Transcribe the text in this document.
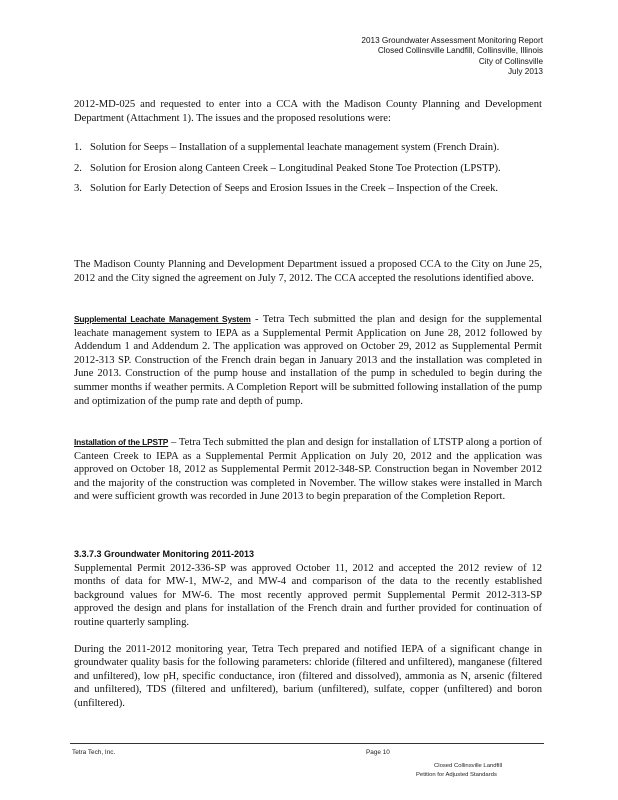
2013 Groundwater Assessment Monitoring Report
Closed Collinsville Landfill, Collinsville, Illinois
City of Collinsville
July 2013

2012-MD-025 and requested to enter into a CCA with the Madison County Planning and Development Department (Attachment 1). The issues and the proposed resolutions were:

1. Solution for Seeps – Installation of a supplemental leachate management system (French Drain).
2. Solution for Erosion along Canteen Creek – Longitudinal Peaked Stone Toe Protection (LPSTP).
3. Solution for Early Detection of Seeps and Erosion Issues in the Creek – Inspection of the Creek.

The Madison County Planning and Development Department issued a proposed CCA to the City on June 25, 2012 and the City signed the agreement on July 7, 2012. The CCA accepted the resolutions identified above.

Supplemental Leachate Management System - Tetra Tech submitted the plan and design for the supplemental leachate management system to IEPA as a Supplemental Permit Application on June 28, 2012 followed by Addendum 1 and Addendum 2. The application was approved on October 29, 2012 as Supplemental Permit 2012-313 SP. Construction of the French drain began in January 2013 and the installation was completed in June 2013. Construction of the pump house and installation of the pump in scheduled to begin during the summer months if weather permits. A Completion Report will be submitted following installation of the pump and optimization of the pump rate and depth of pump.

Installation of the LPSTP – Tetra Tech submitted the plan and design for installation of LTSTP along a portion of Canteen Creek to IEPA as a Supplemental Permit Application on July 20, 2012 and the application was approved on October 18, 2012 as Supplemental Permit 2012-348-SP. Construction began in November 2012 and the majority of the construction was completed in November. The willow stakes were installed in March and were sufficient growth was recorded in June 2013 to begin preparation of the Completion Report.

3.3.7.3 Groundwater Monitoring 2011-2013

Supplemental Permit 2012-336-SP was approved October 11, 2012 and accepted the 2012 review of 12 months of data for MW-1, MW-2, and MW-4 and comparison of the data to the recently established background values for MW-6. The most recently approved permit Supplemental Permit 2012-313-SP approved the design and plans for installation of the French drain and further provided for continuation of routine quarterly sampling.

During the 2011-2012 monitoring year, Tetra Tech prepared and notified IEPA of a significant change in groundwater quality basis for the following parameters: chloride (filtered and unfiltered), manganese (filtered and unfiltered), low pH, specific conductance, iron (filtered and dissolved), ammonia as N, arsenic (filtered and unfiltered), TDS (filtered and unfiltered), barium (unfiltered), sulfate, copper (unfiltered) and boron (unfiltered).

Tetra Tech, Inc.	Page 10
Closed Collinsville Landfill
Petition for Adjusted Standards
